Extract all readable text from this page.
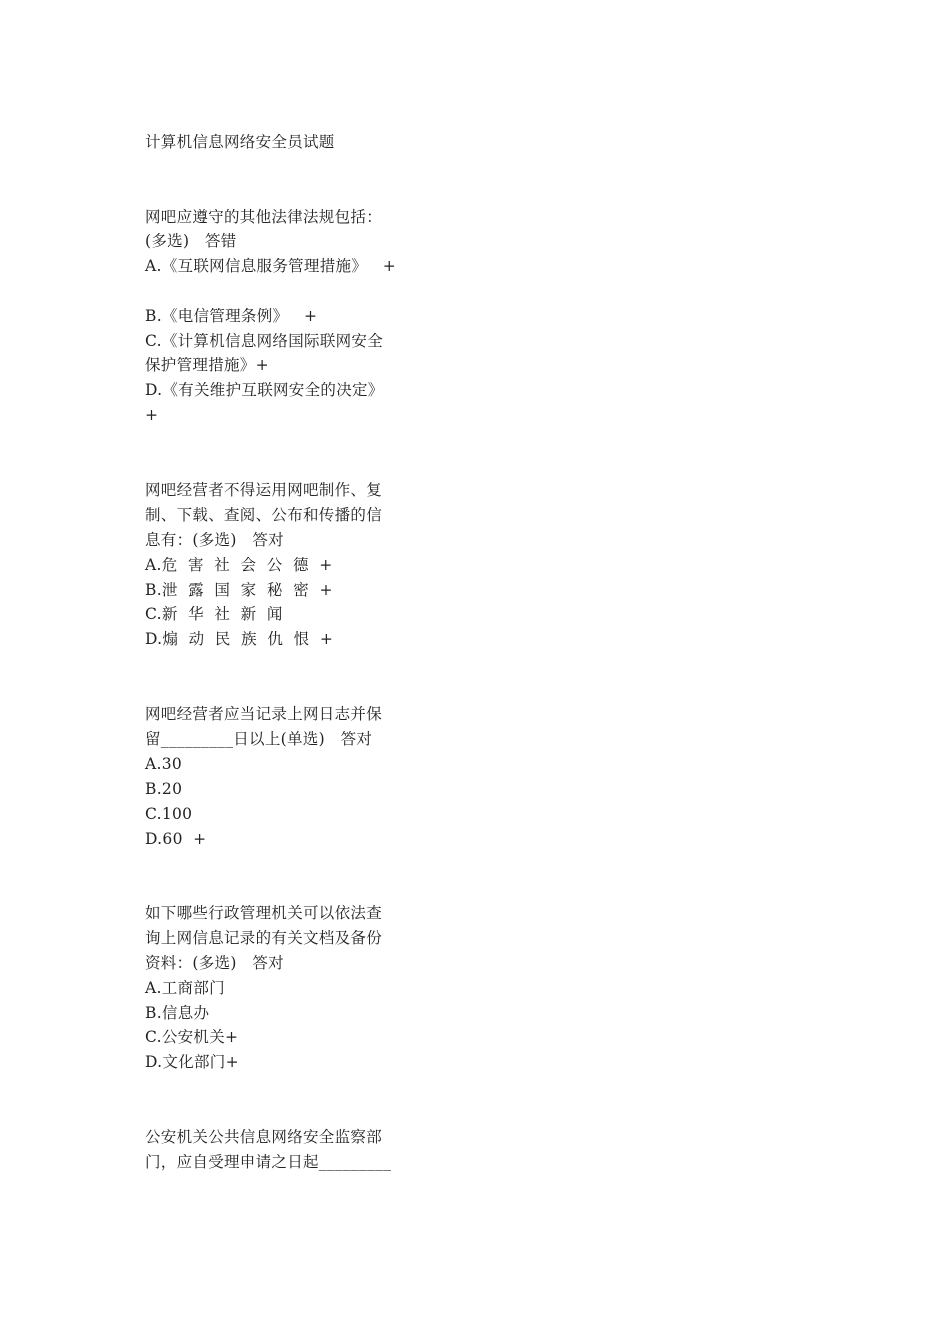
计算机信息网络安全员试题
网吧应遵守的其他法律法规包括：
(多选)   答错
A.《互联网信息服务管理措施》   +
B.《电信管理条例》   +
C.《计算机信息网络国际联网安全
保护管理措施》+
D.《有关维护互联网安全的决定》
+
网吧经营者不得运用网吧制作、复
制、下载、查阅、公布和传播的信
息有：(多选)   答对
A.危  害  社  会  公  德  +
B.泄  露  国  家  秘  密  +
C.新  华  社  新  闻
D.煽  动  民  族  仇  恨  +
网吧经营者应当记录上网日志并保
留_________日以上(单选)   答对
A.30
B.20
C.100
D.60  +
如下哪些行政管理机关可以依法查
询上网信息记录的有关文档及备份
资料：(多选)   答对
A.工商部门
B.信息办
C.公安机关+
D.文化部门+
公安机关公共信息网络安全监察部
门，应自受理申请之日起_________
